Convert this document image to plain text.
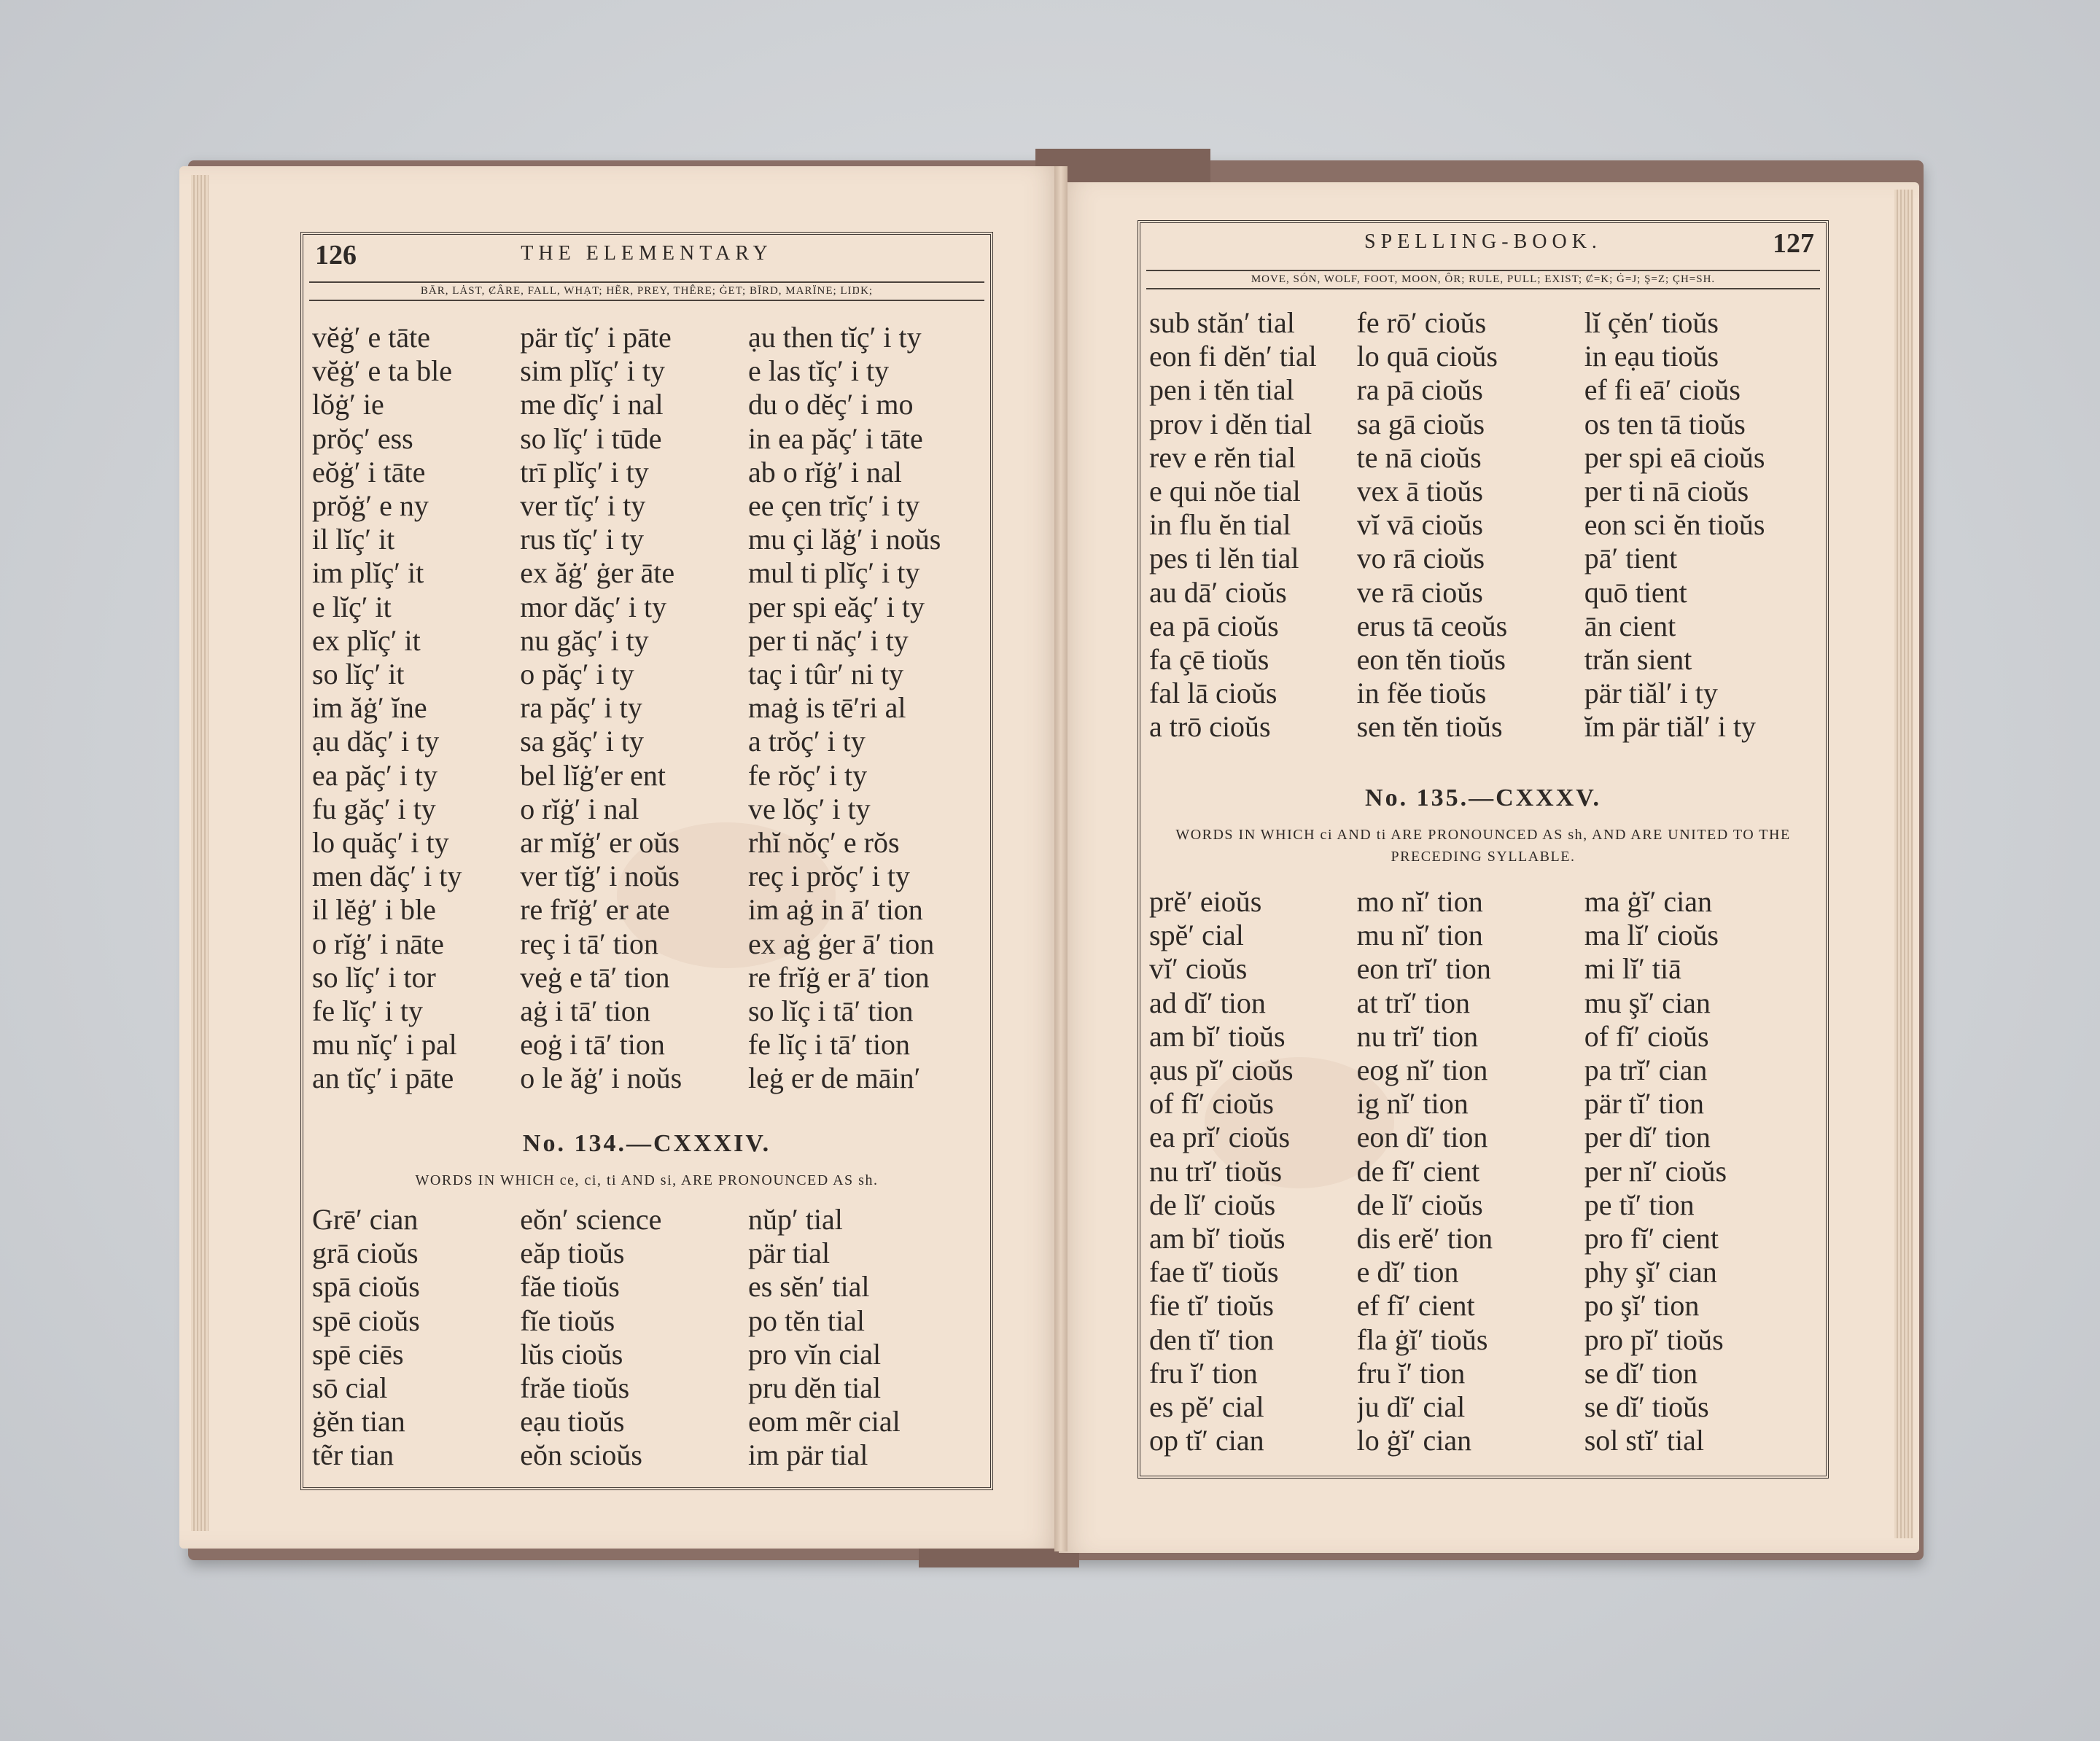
126	THE ELEMENTARY
BĀR, LȦST, ȻÂRE, FALL, WHẠT; HẼR, PREY, THÊRE; ĠET; BĪRD, MARÏNE; LIŊK;
vĕġ′ e tāte	pär tĭç′ i pāte	ạu then tĭç′ i ty
vĕġ′ e ta ble	sim plĭç′ i ty	e las tĭç′ i ty
lŏġ′ ie	me dĭç′ i nal	du o dĕç′ i mo
prŏç′ ess	so lĭç′ i tūde	in ea păç′ i tāte
eŏġ′ i tāte	trī plĭç′ i ty	ab o rĭġ′ i nal
prŏġ′ e ny	ver tĭç′ i ty	ee çen trĭç′ i ty
il lĭç′ it	rus tĭç′ i ty	mu çi lăġ′ i noŭs
im plĭç′ it	ex ăġ′ ġer āte	mul ti plĭç′ i ty
e lĭç′ it	mor dăç′ i ty	per spi eăç′ i ty
ex plĭç′ it	nu găç′ i ty	per ti năç′ i ty
so lĭç′ it	o păç′ i ty	taç i tûr′ ni ty
im ăġ′ ĭne	ra păç′ i ty	maġ is tē′ri al
ạu dăç′ i ty	sa găç′ i ty	a trŏç′ i ty
ea păç′ i ty	bel lĭġ′er ent	fe rŏç′ i ty
fu găç′ i ty	o rĭġ′ i nal	ve lŏç′ i ty
lo quăç′ i ty	ar mĭġ′ er oŭs	rhĭ nŏç′ e rŏs
men dăç′ i ty	ver tĭġ′ i noŭs	reç i prŏç′ i ty
il lĕġ′ i ble	re frĭġ′ er ate	im aġ in ā′ tion
o rĭġ′ i nāte	reç i tā′ tion	ex aġ ġer ā′ tion
so lĭç′ i tor	veġ e tā′ tion	re frĭġ er ā′ tion
fe lĭç′ i ty	aġ i tā′ tion	so lĭç i tā′ tion
mu nĭç′ i pal	eoġ i tā′ tion	fe lĭç i tā′ tion
an tĭç′ i pāte	o le ăġ′ i noŭs	leġ er de māin′
No. 134.—CXXXIV.
WORDS IN WHICH ce, ci, ti AND si, ARE PRONOUNCED AS sh.
Grē′ cian	eŏn′ science	nŭp′ tial
grā cioŭs	eăp tioŭs	pär tial
spā cioŭs	făe tioŭs	es sĕn′ tial
spē cioŭs	fĭe tioŭs	po tĕn tial
spē ciēs	lŭs cioŭs	pro vĭn cial
sō cial	frăe tioŭs	pru dĕn tial
ġĕn tian	eạu tioŭs	eom mẽr cial
tẽr tian	eŏn scioŭs	im pär tial
SPELLING-BOOK.	127
MOVE, SÓN, WOLF, FOOT, MOON, ÔR; RULE, PULL; EXIST; Ȼ=K; Ġ=J; Ş=Z; ÇH=SH.
sub stăn′ tial	fe rō′ cioŭs	lĭ çĕn′ tioŭs
eon fi dĕn′ tial	lo quā cioŭs	in eạu tioŭs
pen i tĕn tial	ra pā cioŭs	ef fi eā′ cioŭs
prov i dĕn tial	sa gā cioŭs	os ten tā tioŭs
rev e rĕn tial	te nā cioŭs	per spi eā cioŭs
e qui nŏe tial	vex ā tioŭs	per ti nā cioŭs
in flu ĕn tial	vĭ vā cioŭs	eon sci ĕn tioŭs
pes ti lĕn tial	vo rā cioŭs	pā′ tient
au dā′ cioŭs	ve rā cioŭs	quō tient
ea pā cioŭs	erus tā ceoŭs	ān cient
fa çē tioŭs	eon tĕn tioŭs	trăn sient
fal lā cioŭs	in fĕe tioŭs	pär tiăl′ i ty
a trō cioŭs	sen tĕn tioŭs	ĭm pär tiăl′ i ty
No. 135.—CXXXV.
WORDS IN WHICH ci AND ti ARE PRONOUNCED AS sh, AND ARE UNITED TO THE PRECEDING SYLLABLE.
prĕ′ eioŭs	mo nĭ′ tion	ma ġĭ′ cian
spĕ′ cial	mu nĭ′ tion	ma lĭ′ cioŭs
vĭ′ cioŭs	eon trĭ′ tion	mi lĭ′ tiā
ad dĭ′ tion	at trĭ′ tion	mu şĭ′ cian
am bĭ′ tioŭs	nu trĭ′ tion	of fĭ′ cioŭs
ạus pĭ′ cioŭs	eog nĭ′ tion	pa trĭ′ cian
of fĭ′ cioŭs	ig nĭ′ tion	pär tĭ′ tion
ea prĭ′ cioŭs	eon dĭ′ tion	per dĭ′ tion
nu trĭ′ tioŭs	de fĭ′ cient	per nĭ′ cioŭs
de lĭ′ cioŭs	de lĭ′ cioŭs	pe tĭ′ tion
am bĭ′ tioŭs	dis erĕ′ tion	pro fĭ′ cient
fae tĭ′ tioŭs	e dĭ′ tion	phy şĭ′ cian
fie tĭ′ tioŭs	ef fĭ′ cient	po şĭ′ tion
den tĭ′ tion	fla ġĭ′ tioŭs	pro pĭ′ tioŭs
fru ĭ′ tion	fru ĭ′ tion	se dĭ′ tion
es pĕ′ cial	ju dĭ′ cial	se dĭ′ tioŭs
op tĭ′ cian	lo ġĭ′ cian	sol stĭ′ tial
